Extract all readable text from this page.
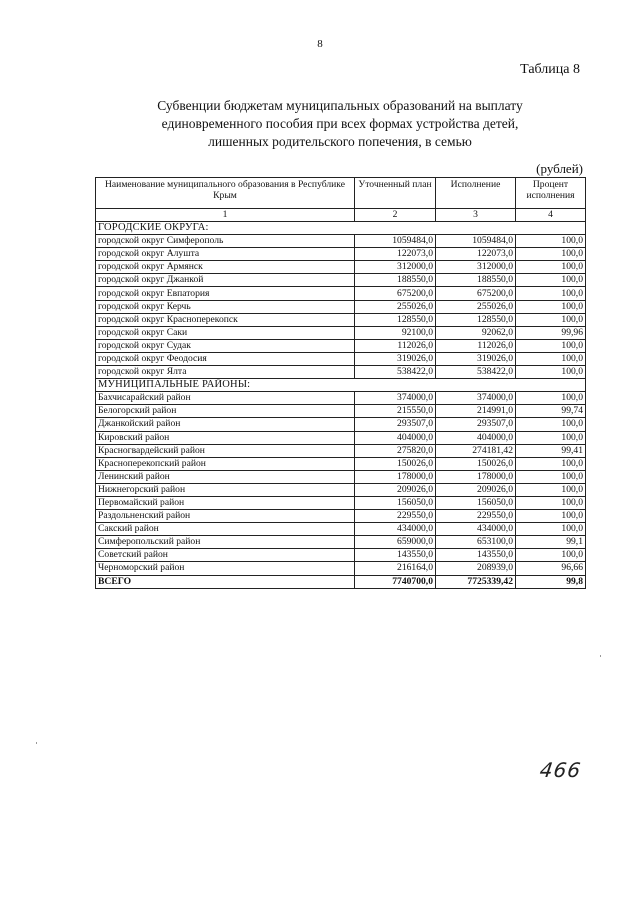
8
Таблица 8
Субвенции бюджетам муниципальных образований на выплату
единовременного пособия при всех формах устройства детей,
лишенных родительского попечения, в семью
(рублей)
Наименование муниципального образования в Республике Крым	Уточненный план	Исполнение	Процент исполнения
1	2	3	4
ГОРОДСКИЕ ОКРУГА:			
городской округ Симферополь	1059484,0	1059484,0	100,0
городской округ Алушта	122073,0	122073,0	100,0
городской округ Армянск	312000,0	312000,0	100,0
городской округ Джанкой	188550,0	188550,0	100,0
городской округ Евпатория	675200,0	675200,0	100,0
городской округ Керчь	255026,0	255026,0	100,0
городской округ Красноперекопск	128550,0	128550,0	100,0
городской округ Саки	92100,0	92062,0	99,96
городской округ Судак	112026,0	112026,0	100,0
городской округ Феодосия	319026,0	319026,0	100,0
городской округ Ялта	538422,0	538422,0	100,0
МУНИЦИПАЛЬНЫЕ РАЙОНЫ:			
Бахчисарайский район	374000,0	374000,0	100,0
Белогорский район	215550,0	214991,0	99,74
Джанкойский район	293507,0	293507,0	100,0
Кировский район	404000,0	404000,0	100,0
Красногвардейский район	275820,0	274181,42	99,41
Красноперекопский район	150026,0	150026,0	100,0
Ленинский район	178000,0	178000,0	100,0
Нижнегорский район	209026,0	209026,0	100,0
Первомайский район	156050,0	156050,0	100,0
Раздольненский район	229550,0	229550,0	100,0
Сакский район	434000,0	434000,0	100,0
Симферопольский район	659000,0	653100,0	99,1
Советский район	143550,0	143550,0	100,0
Черноморский район	216164,0	208939,0	96,66
ВСЕГО	7740700,0	7725339,42	99,8
466
